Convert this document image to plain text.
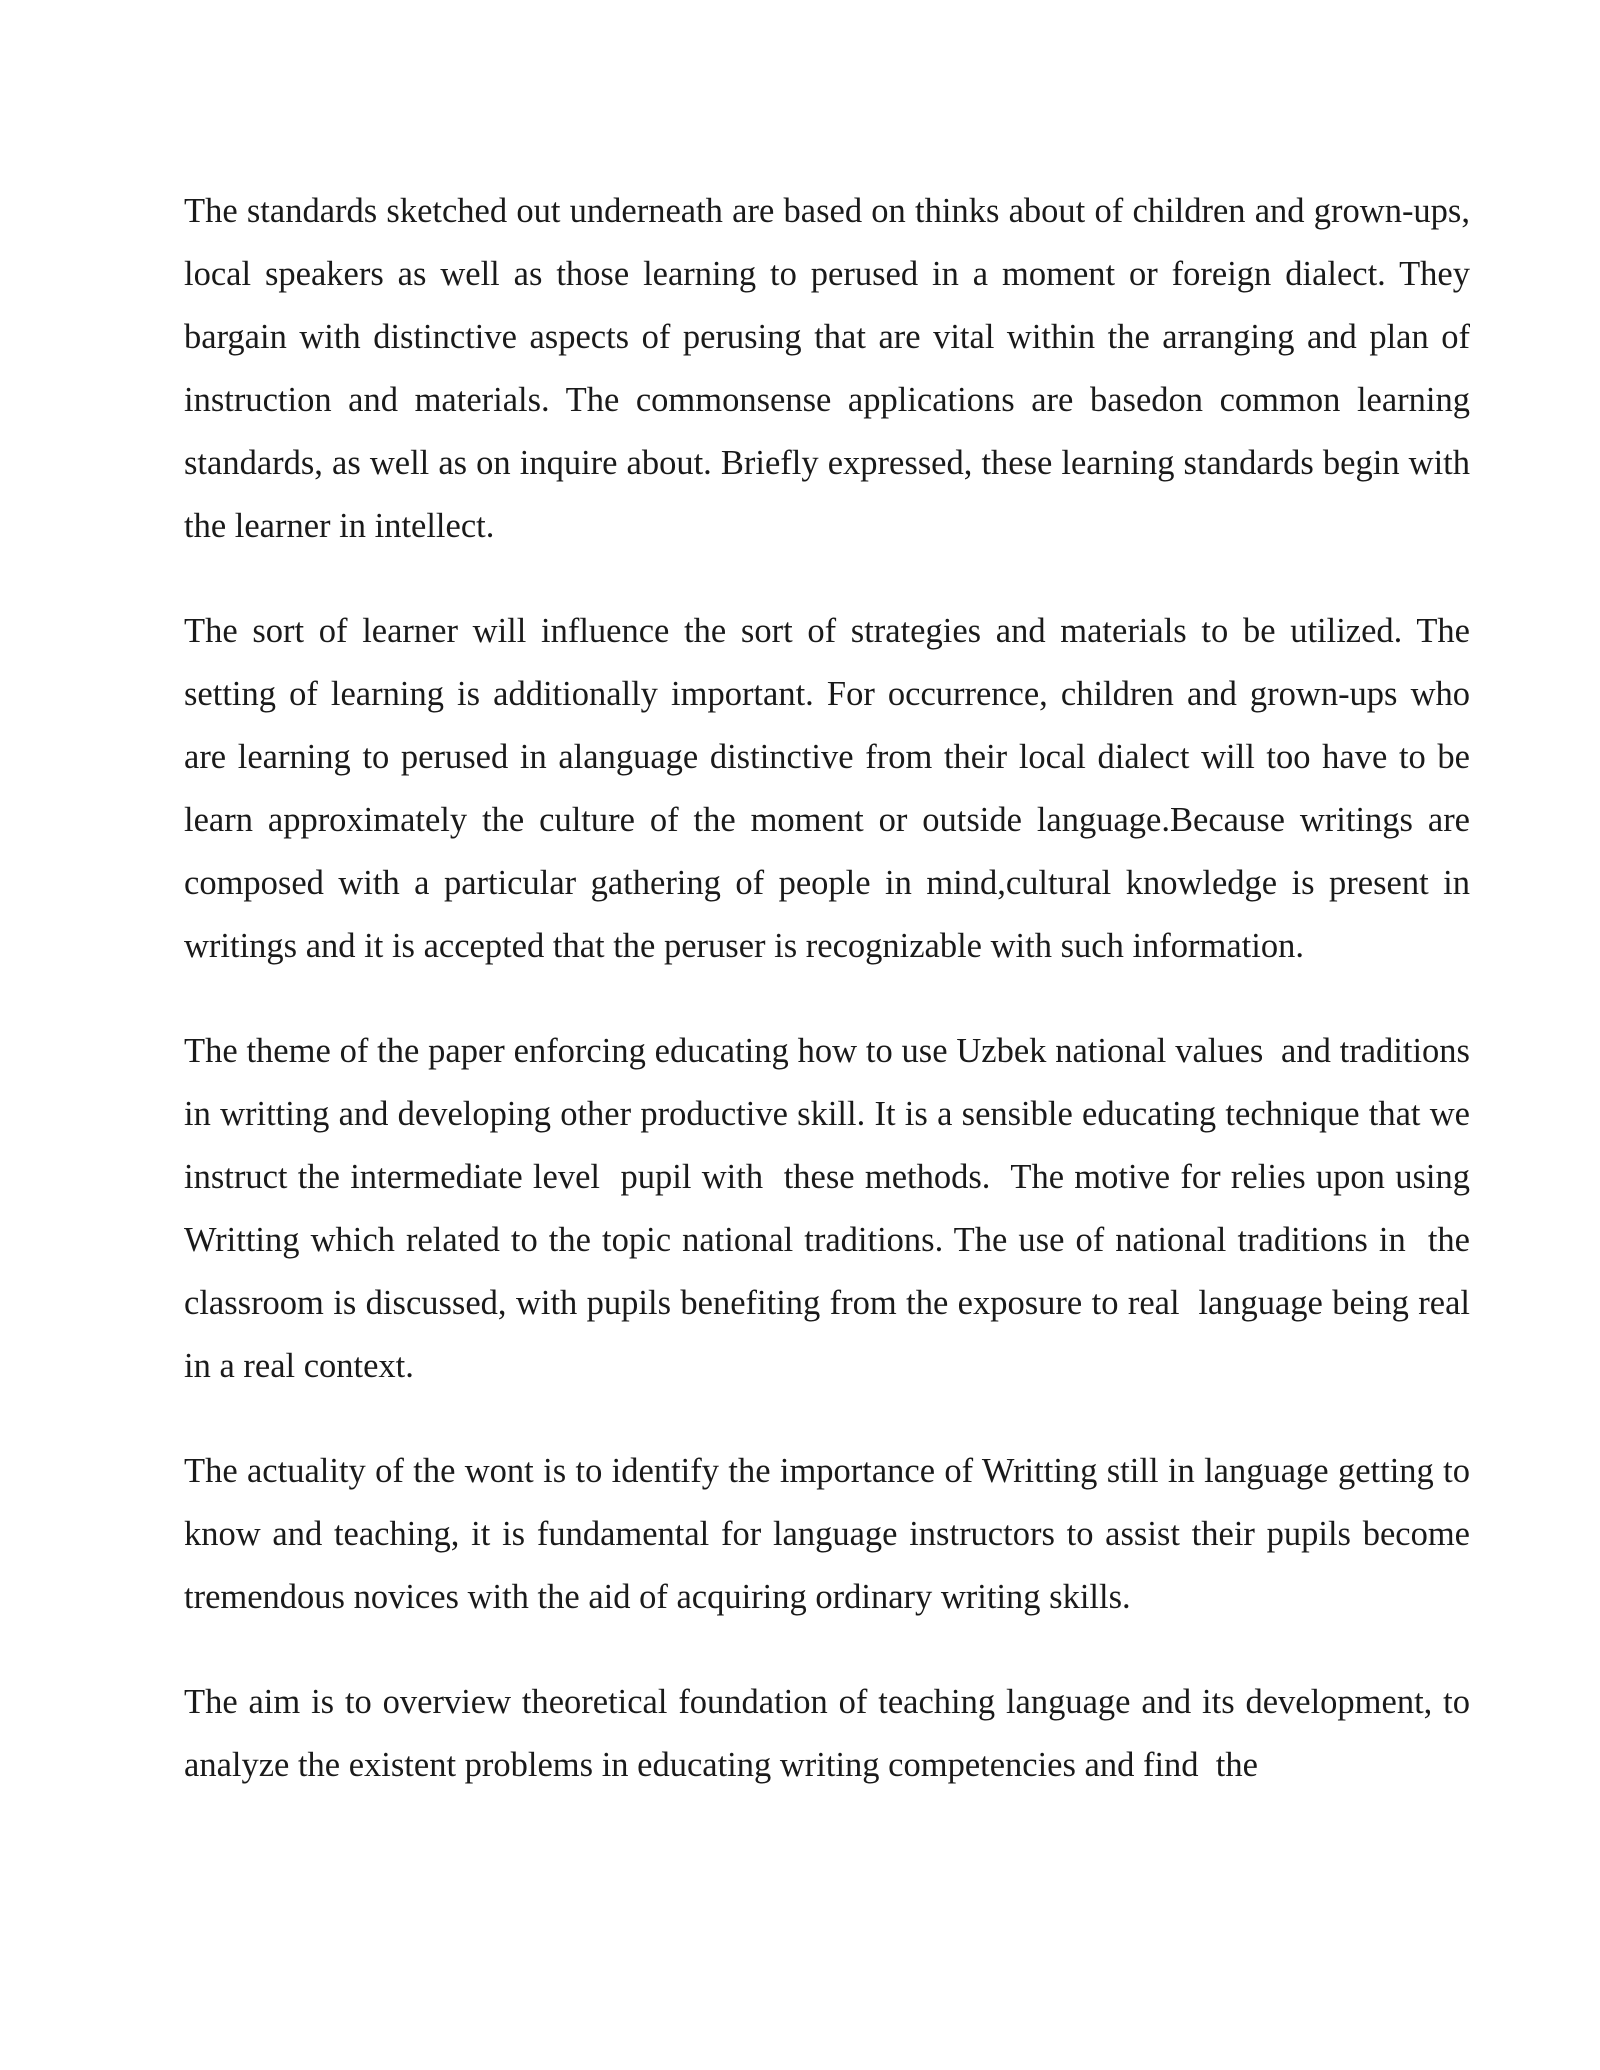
The standards sketched out underneath are based on thinks about of children and grown-ups, local speakers as well as those learning to perused in a moment or foreign dialect. They bargain with distinctive aspects of perusing that are vital within the arranging and plan of instruction and materials. The commonsense applications are basedon common learning standards, as well as on inquire about. Briefly expressed, these learning standards begin with the learner in intellect.

The sort of learner will influence the sort of strategies and materials to be utilized. The setting of learning is additionally important. For occurrence, children and grown-ups who are learning to perused in alanguage distinctive from their local dialect will too have to be learn approximately the culture of the moment or outside language.Because writings are composed with a particular gathering of people in mind,cultural knowledge is present in writings and it is accepted that the peruser is recognizable with such information.

The theme of the paper enforcing educating how to use Uzbek national values  and traditions in writting and developing other productive skill. It is a sensible educating technique that we instruct the intermediate level  pupil with  these methods.  The motive for relies upon using Writting which related to the topic national traditions. The use of national traditions in  the classroom is discussed, with pupils benefiting from the exposure to real  language being real  in a real context.

The actuality of the wont is to identify the importance of Writting still in language getting to know and teaching, it is fundamental for language instructors to assist their pupils become tremendous novices with the aid of acquiring ordinary writing skills.

The aim is to overview theoretical foundation of teaching language and its development, to analyze the existent problems in educating writing competencies and find  the
